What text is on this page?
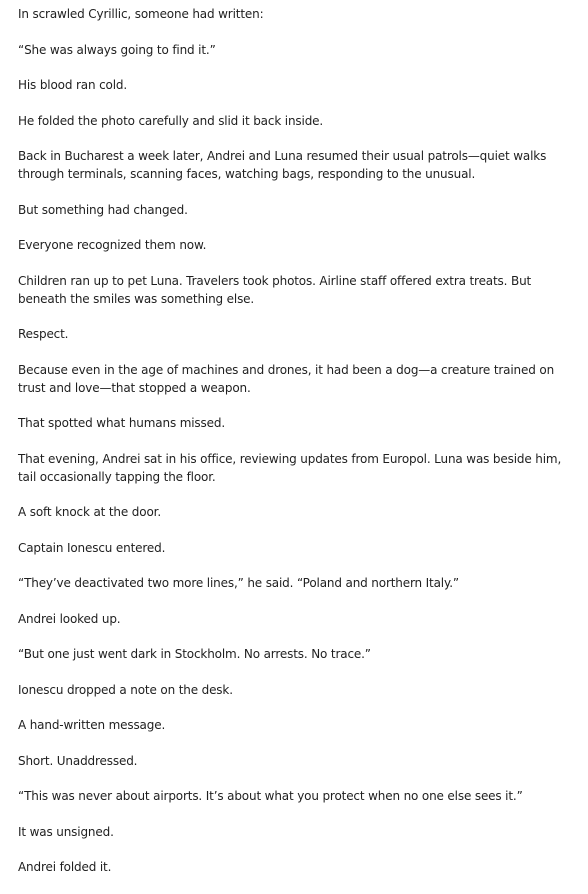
In scrawled Cyrillic, someone had written:

“She was always going to find it.”

His blood ran cold.

He folded the photo carefully and slid it back inside.

Back in Bucharest a week later, Andrei and Luna resumed their usual patrols—quiet walks through terminals, scanning faces, watching bags, responding to the unusual.

But something had changed.

Everyone recognized them now.

Children ran up to pet Luna. Travelers took photos. Airline staff offered extra treats. But beneath the smiles was something else.

Respect.

Because even in the age of machines and drones, it had been a dog—a creature trained on trust and love—that stopped a weapon.

That spotted what humans missed.

That evening, Andrei sat in his office, reviewing updates from Europol. Luna was beside him, tail occasionally tapping the floor.

A soft knock at the door.

Captain Ionescu entered.

“They’ve deactivated two more lines,” he said. “Poland and northern Italy.”

Andrei looked up.

“But one just went dark in Stockholm. No arrests. No trace.”

Ionescu dropped a note on the desk.

A hand-written message.

Short. Unaddressed.

“This was never about airports. It’s about what you protect when no one else sees it.”

It was unsigned.

Andrei folded it.
